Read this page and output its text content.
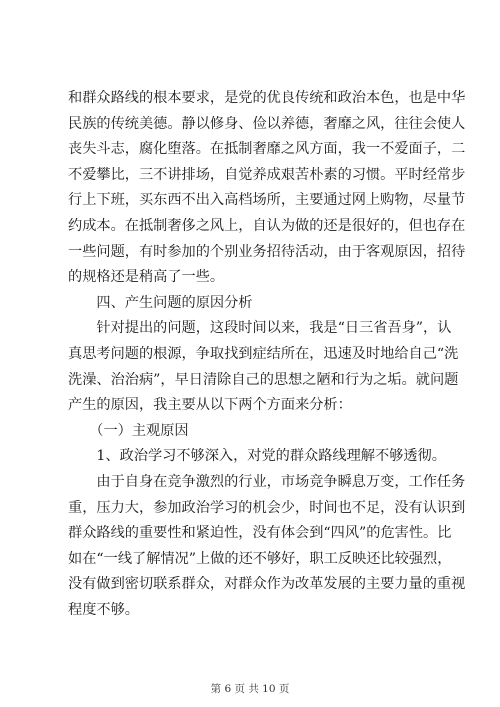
和群众路线的根本要求，是党的优良传统和政治本色，也是中华
民族的传统美德。静以修身、俭以养德，奢靡之风，往往会使人
丧失斗志，腐化堕落。在抵制奢靡之风方面，我一不爱面子，二
不爱攀比，三不讲排场，自觉养成艰苦朴素的习惯。平时经常步
行上下班，买东西不出入高档场所，主要通过网上购物，尽量节
约成本。在抵制奢侈之风上，自认为做的还是很好的，但也存在
一些问题，有时参加的个别业务招待活动，由于客观原因，招待
的规格还是稍高了一些。
四、产生问题的原因分析
针对提出的问题，这段时间以来，我是“日三省吾身”，认
真思考问题的根源，争取找到症结所在，迅速及时地给自己“洗
洗澡、治治病”，早日清除自己的思想之陋和行为之垢。就问题
产生的原因，我主要从以下两个方面来分析：
（一）主观原因
1、政治学习不够深入，对党的群众路线理解不够透彻。
由于自身在竞争激烈的行业，市场竞争瞬息万变，工作任务
重，压力大，参加政治学习的机会少，时间也不足，没有认识到
群众路线的重要性和紧迫性，没有体会到“四风”的危害性。比
如在“一线了解情况”上做的还不够好，职工反映还比较强烈，
没有做到密切联系群众，对群众作为改革发展的主要力量的重视
程度不够。
第 6 页 共 10 页
